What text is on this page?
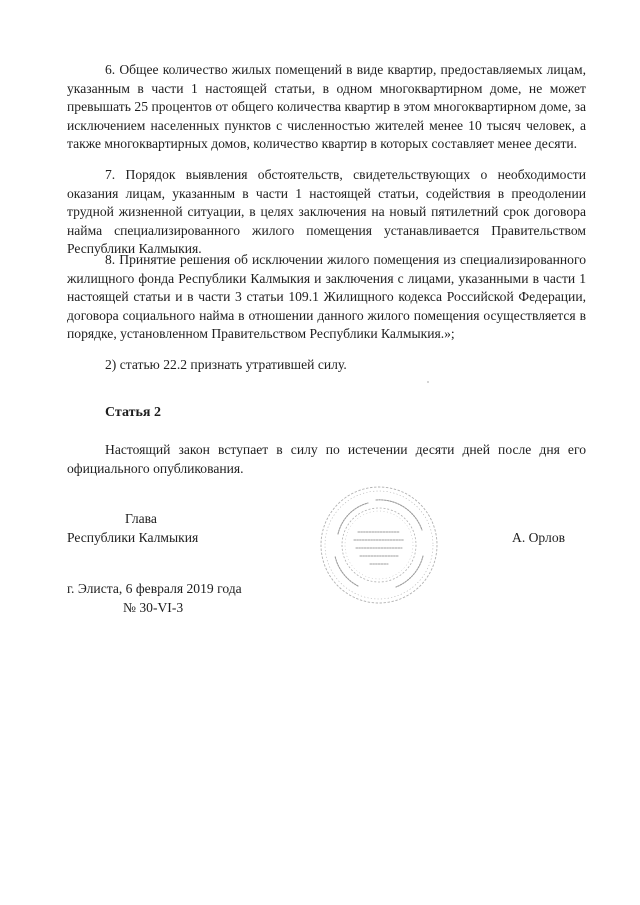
6. Общее количество жилых помещений в виде квартир, предоставляемых лицам, указанным в части 1 настоящей статьи, в одном многоквартирном доме, не может превышать 25 процентов от общего количества квартир в этом многоквартирном доме, за исключением населенных пунктов с численностью жителей менее 10 тысяч человек, а также многоквартирных домов, количество квартир в которых составляет менее десяти.

7. Порядок выявления обстоятельств, свидетельствующих о необходимости оказания лицам, указанным в части 1 настоящей статьи, содействия в преодолении трудной жизненной ситуации, в целях заключения на новый пятилетний срок договора найма специализированного жилого помещения устанавливается Правительством Республики Калмыкия.

8. Принятие решения об исключении жилого помещения из специализированного жилищного фонда Республики Калмыкия и заключения с лицами, указанными в части 1 настоящей статьи и в части 3 статьи 109.1 Жилищного кодекса Российской Федерации, договора социального найма в отношении данного жилого помещения осуществляется в порядке, установленном Правительством Республики Калмыкия.»;

2) статью 22.2 признать утратившей силу.

Статья 2

Настоящий закон вступает в силу по истечении десяти дней после дня его официального опубликования.

Глава
Республики Калмыкия	А. Орлов

г. Элиста, 6 февраля 2019 года
№ 30-VI-3
